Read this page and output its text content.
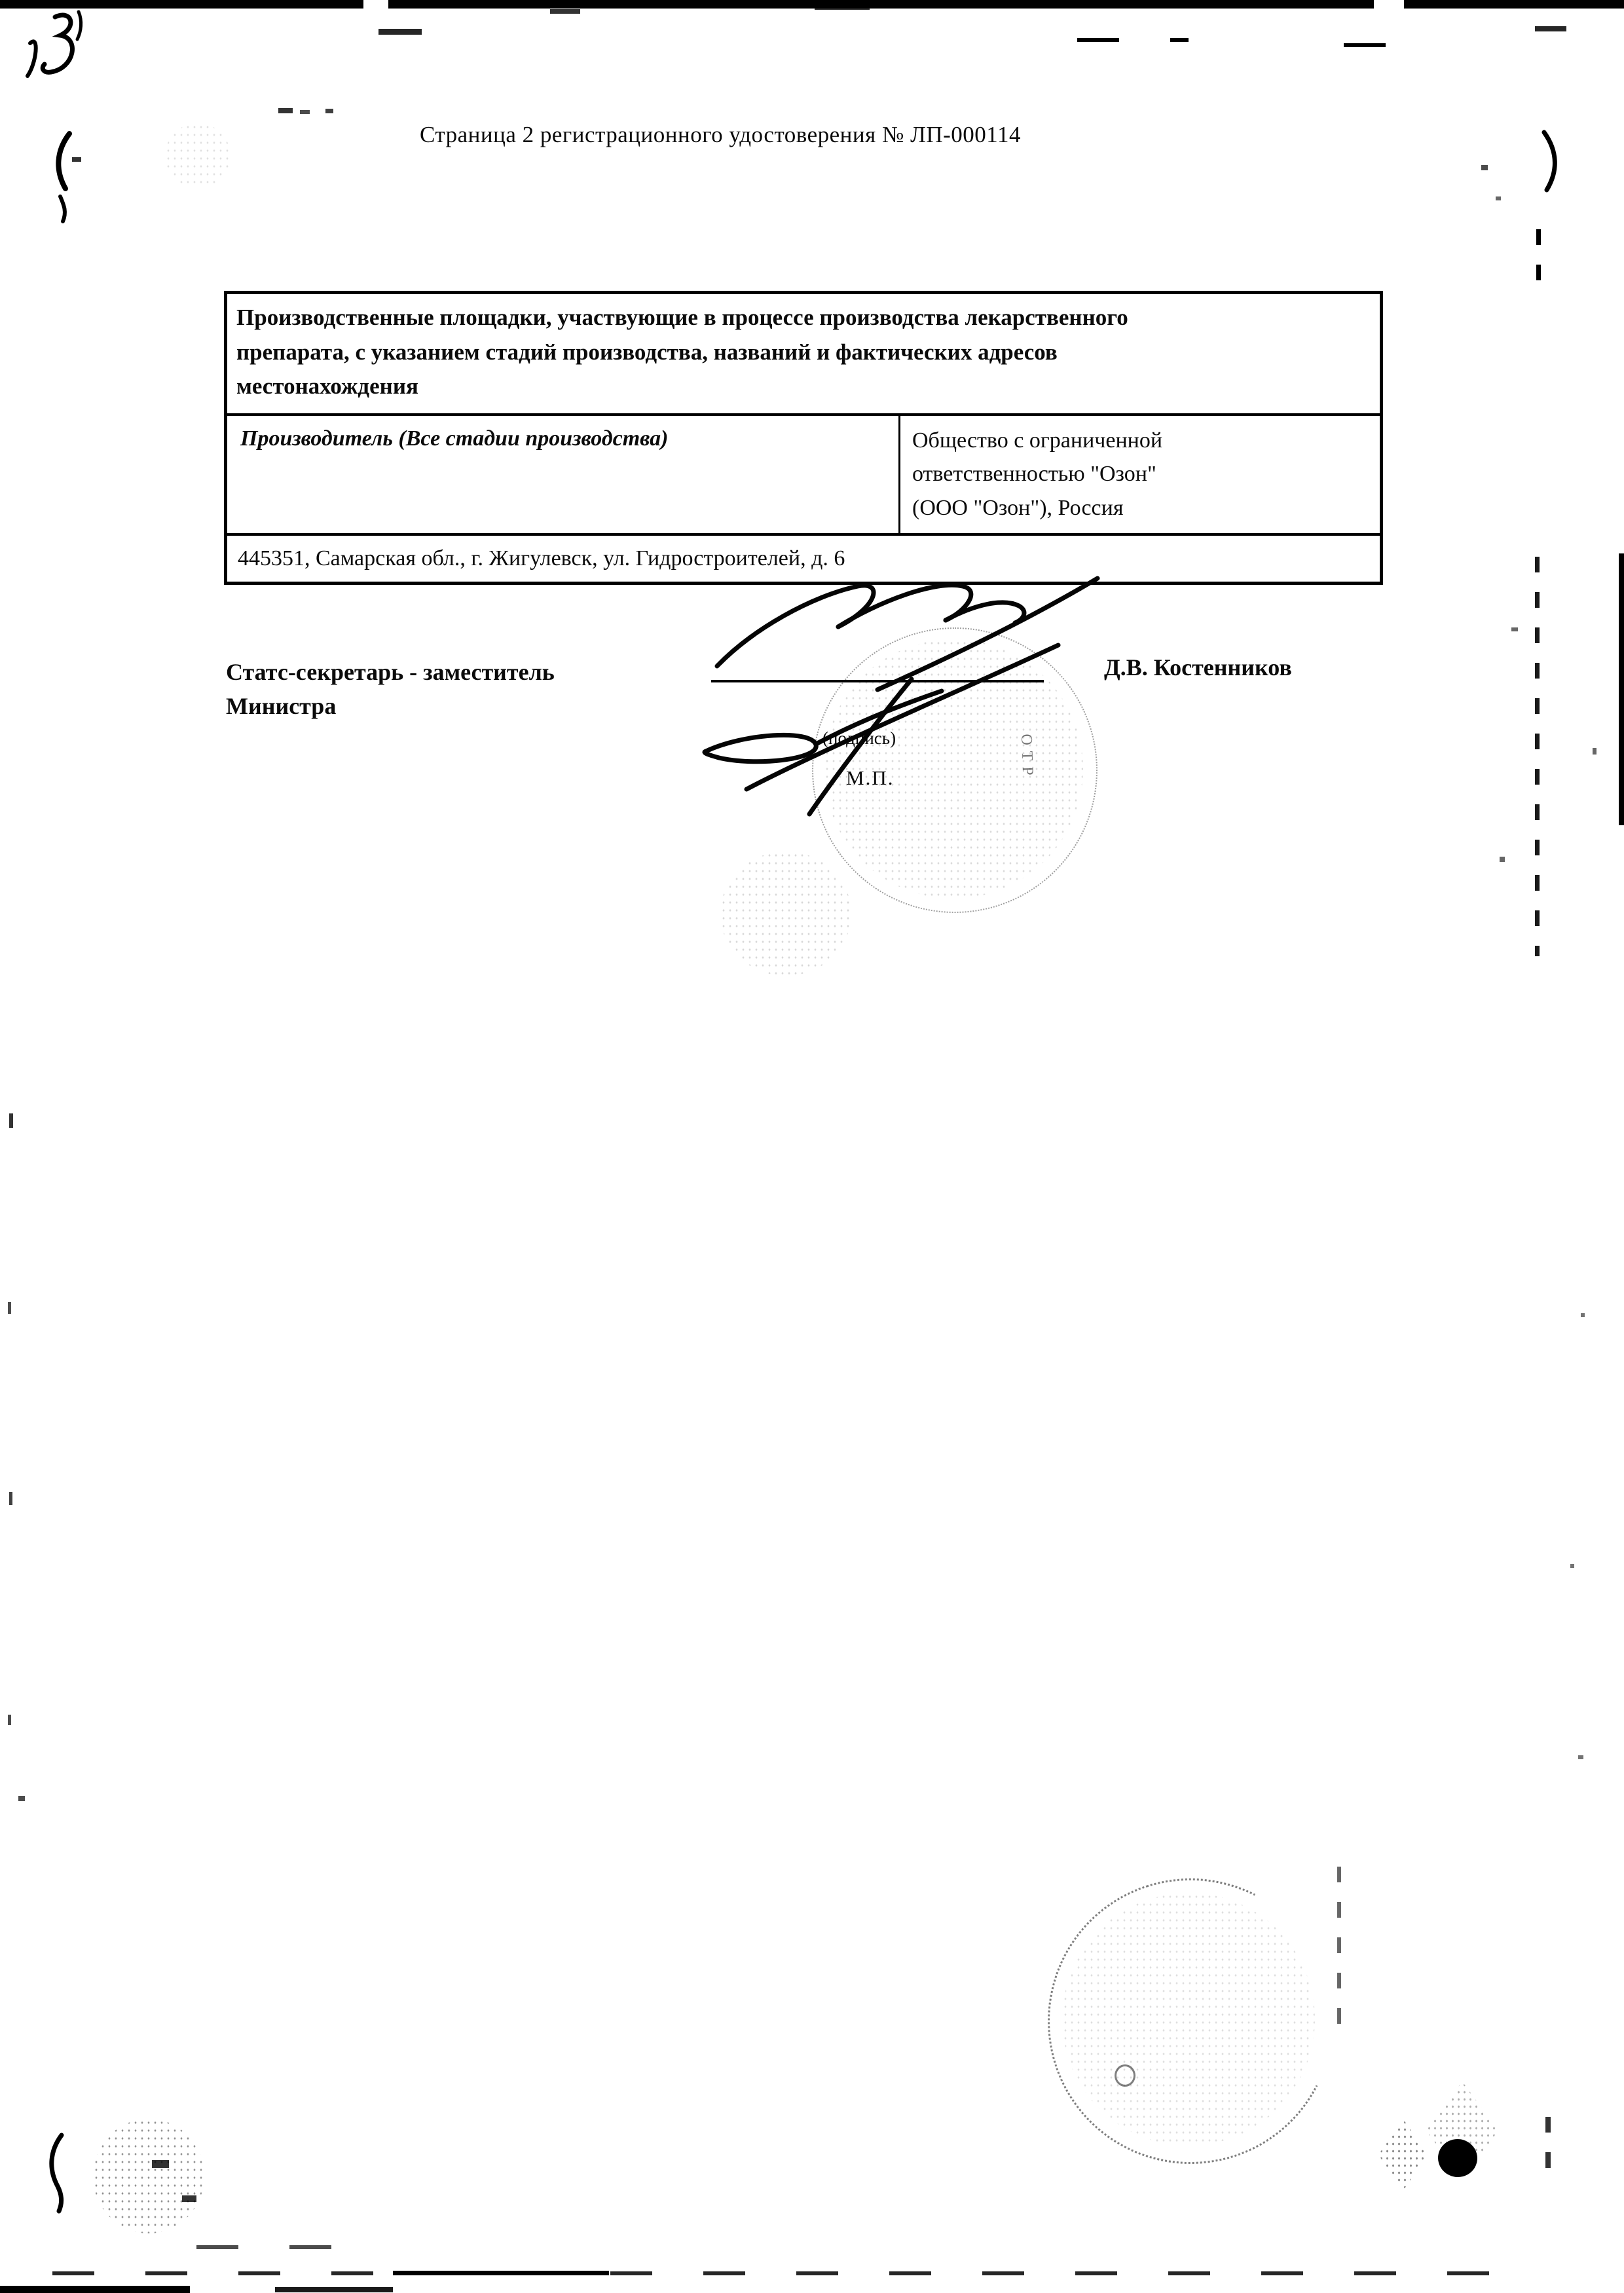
Страница 2 регистрационного удостоверения № ЛП-000114
Производственные площадки, участвующие в процессе производства лекарственного
препарата, с указанием стадий производства, названий и фактических адресов
местонахождения
Производитель (Все стадии производства)	Общество с ограниченной
ответственностью "Озон"
(ООО "Озон"), Россия
445351, Самарская обл., г. Жигулевск, ул. Гидростроителей, д. 6
Статс-секретарь - заместитель Министра
Д.В. Костенников
(подпись)
М.П.	ОТР
